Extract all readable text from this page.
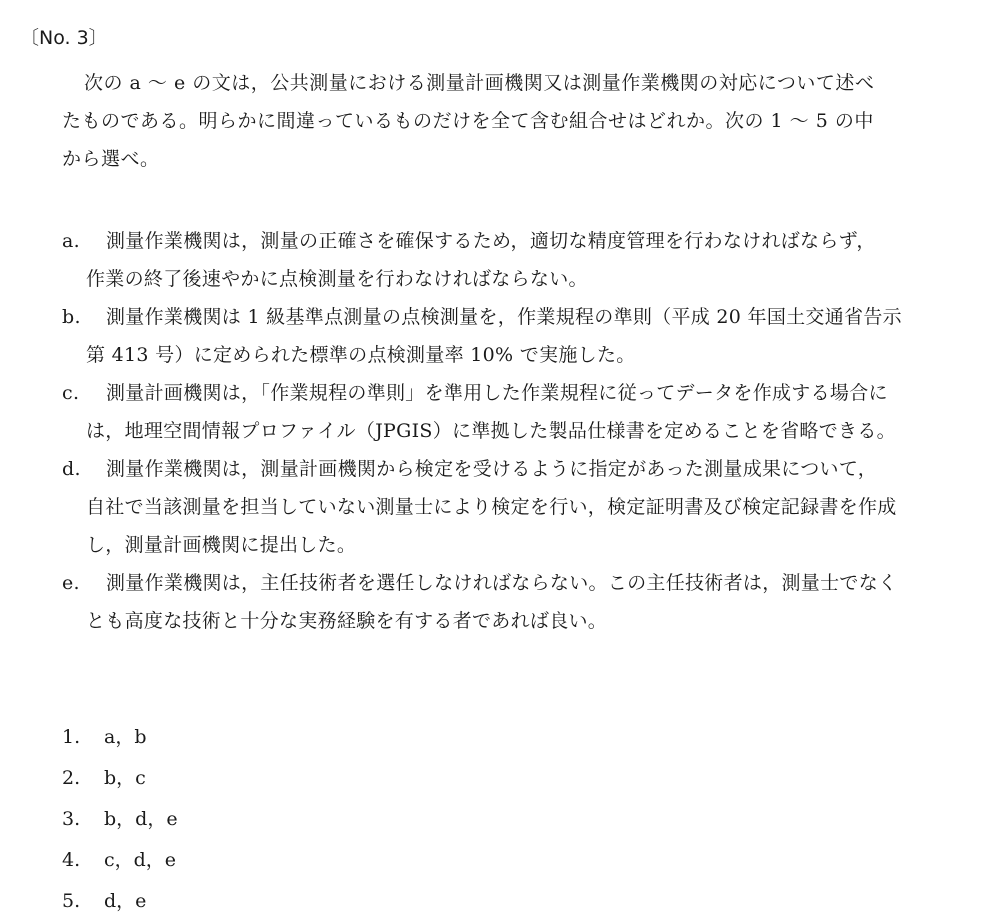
〔No. 3〕
次の a ～ e の文は，公共測量における測量計画機関又は測量作業機関の対応について述べ
たものである。明らかに間違っているものだけを全て含む組合せはどれか。次の 1 ～ 5 の中
から選べ。
a. 測量作業機関は，測量の正確さを確保するため，適切な精度管理を行わなければならず，
作業の終了後速やかに点検測量を行わなければならない。
b. 測量作業機関は 1 級基準点測量の点検測量を，作業規程の準則（平成 20 年国土交通省告示
第 413 号）に定められた標準の点検測量率 10% で実施した。
c. 測量計画機関は，「作業規程の準則」を準用した作業規程に従ってデータを作成する場合に
は，地理空間情報プロファイル（JPGIS）に準拠した製品仕様書を定めることを省略できる。
d. 測量作業機関は，測量計画機関から検定を受けるように指定があった測量成果について，
自社で当該測量を担当していない測量士により検定を行い，検定証明書及び検定記録書を作成
し，測量計画機関に提出した。
e. 測量作業機関は，主任技術者を選任しなければならない。この主任技術者は，測量士でなく
とも高度な技術と十分な実務経験を有する者であれば良い。
1. a，b
2. b，c
3. b，d，e
4. c，d，e
5. d，e
